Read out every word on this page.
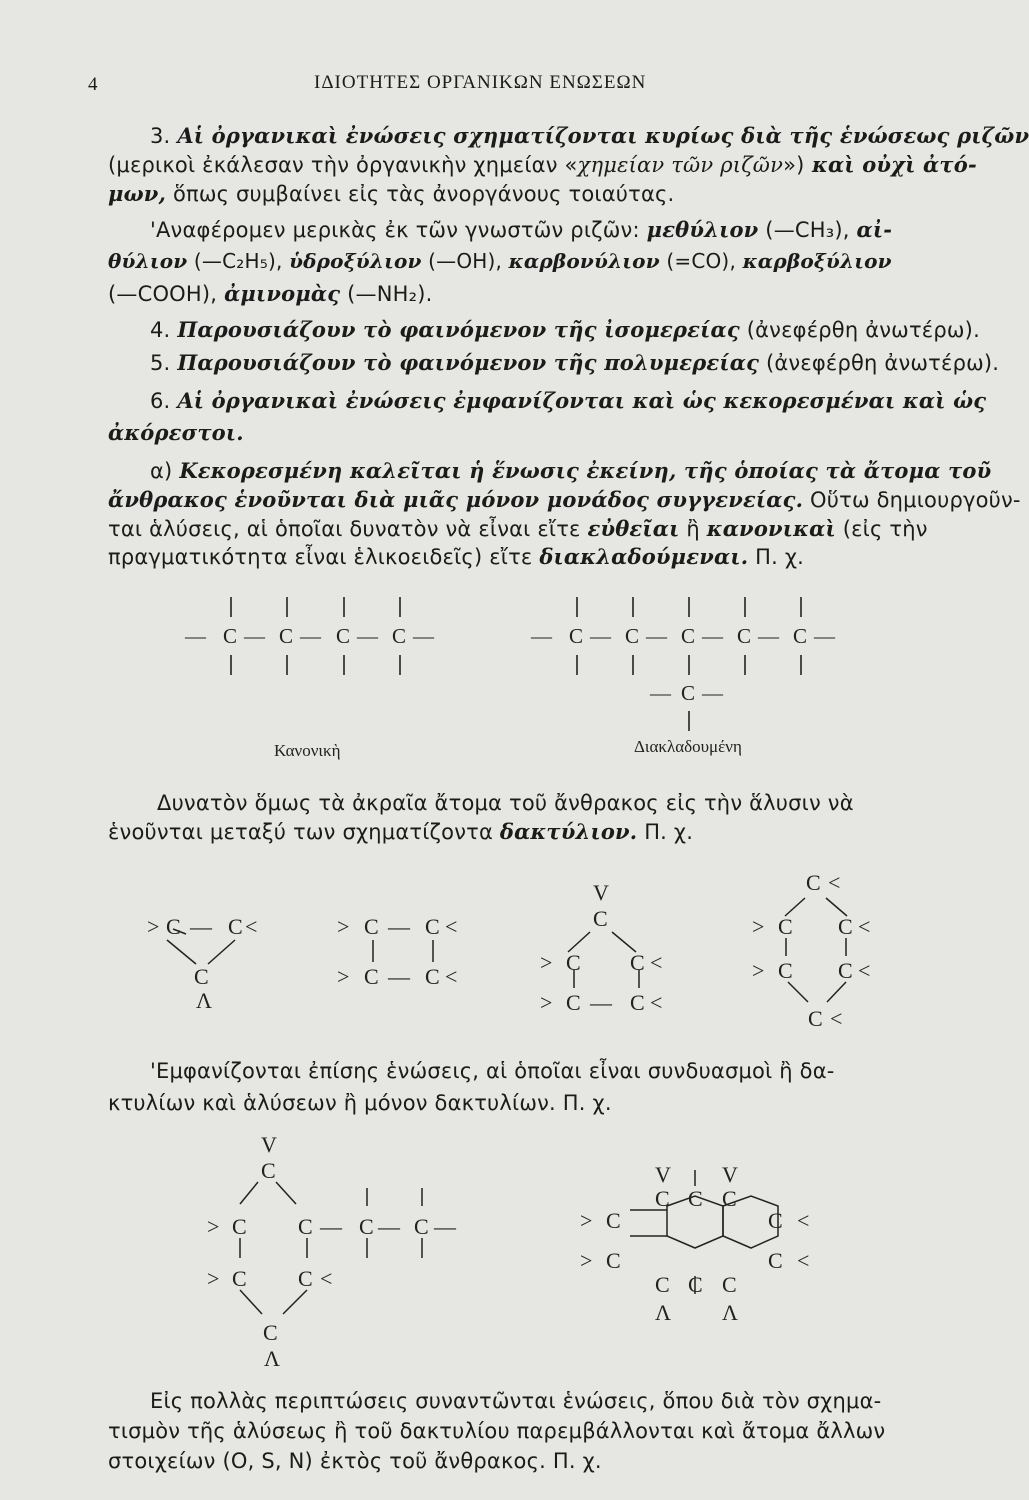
4	ΙΔΙΟΤΗΤΕΣ ΟΡΓΑΝΙΚΩΝ ΕΝΩΣΕΩΝ
3. Αἱ ὀργανικαὶ ἐνώσεις σχηματίζονται κυρίως διὰ τῆς ἑνώσεως ριζῶν
(μερικοὶ ἐκάλεσαν τὴν ὀργανικὴν χημείαν «χημείαν τῶν ριζῶν») καὶ οὐχὶ ἀτό-
μων, ὅπως συμβαίνει εἰς τὰς ἀνοργάνους τοιαύτας.
'Αναφέρομεν μερικὰς ἐκ τῶν γνωστῶν ριζῶν: μεθύλιον (—CH₃), αἰ-
θύλιον (—C₂H₅), ὑδροξύλιον (—OH), καρβονύλιον (=CO), καρβοξύλιον
(—COOH), ἀμινομὰς (—NH₂).
4. Παρουσιάζουν τὸ φαινόμενον τῆς ἰσομερείας (ἀνεφέρθη ἀνωτέρω).
5. Παρουσιάζουν τὸ φαινόμενον τῆς πολυμερείας (ἀνεφέρθη ἀνωτέρω).
6. Αἱ ὀργανικαὶ ἐνώσεις ἐμφανίζονται καὶ ὡς κεκορεσμέναι καὶ ὡς
ἀκόρεστοι.
α) Κεκορεσμένη καλεῖται ἡ ἕνωσις ἐκείνη, τῆς ὁποίας τὰ ἄτομα τοῦ
ἄνθρακος ἑνοῦνται διὰ μιᾶς μόνον μονάδος συγγενείας. Οὕτω δημιουργοῦν-
ται ἁλύσεις, αἱ ὁποῖαι δυνατὸν νὰ εἶναι εἴτε εὐθεῖαι ἢ κανονικαὶ (εἰς τὴν
πραγματικότητα εἶναι ἑλικοειδεῖς) εἴτε διακλαδούμεναι. Π. χ.
— C — C — C — C —	— C — C — C — C — C —
— C —
Κανονικὴ	Διακλαδουμένη
Δυνατὸν ὅμως τὰ ἀκραῖα ἄτομα τοῦ ἄνθρακος εἰς τὴν ἅλυσιν νὰ
ἑνοῦνται μεταξύ των σχηματίζοντα δακτύλιον. Π. χ.
> C — C <
C
Λ
> C — C <
> C — C <
V
C
> C C <
> C — C <
C <
> C C <
> C C <
C <
'Εμφανίζονται ἐπίσης ἑνώσεις, αἱ ὁποῖαι εἶναι συνδυασμοὶ ἢ δα-
κτυλίων καὶ ἁλύσεων ἢ μόνον δακτυλίων. Π. χ.
V
C
> C C — C — C —
> C C <
C
Λ
V V
C C C
> C	C <
> C	C <
C C C
Λ Λ
Εἰς πολλὰς περιπτώσεις συναντῶνται ἑνώσεις, ὅπου διὰ τὸν σχημα-
τισμὸν τῆς ἁλύσεως ἢ τοῦ δακτυλίου παρεμβάλλονται καὶ ἄτομα ἄλλων
στοιχείων (O, S, N) ἐκτὸς τοῦ ἄνθρακος. Π. χ.
